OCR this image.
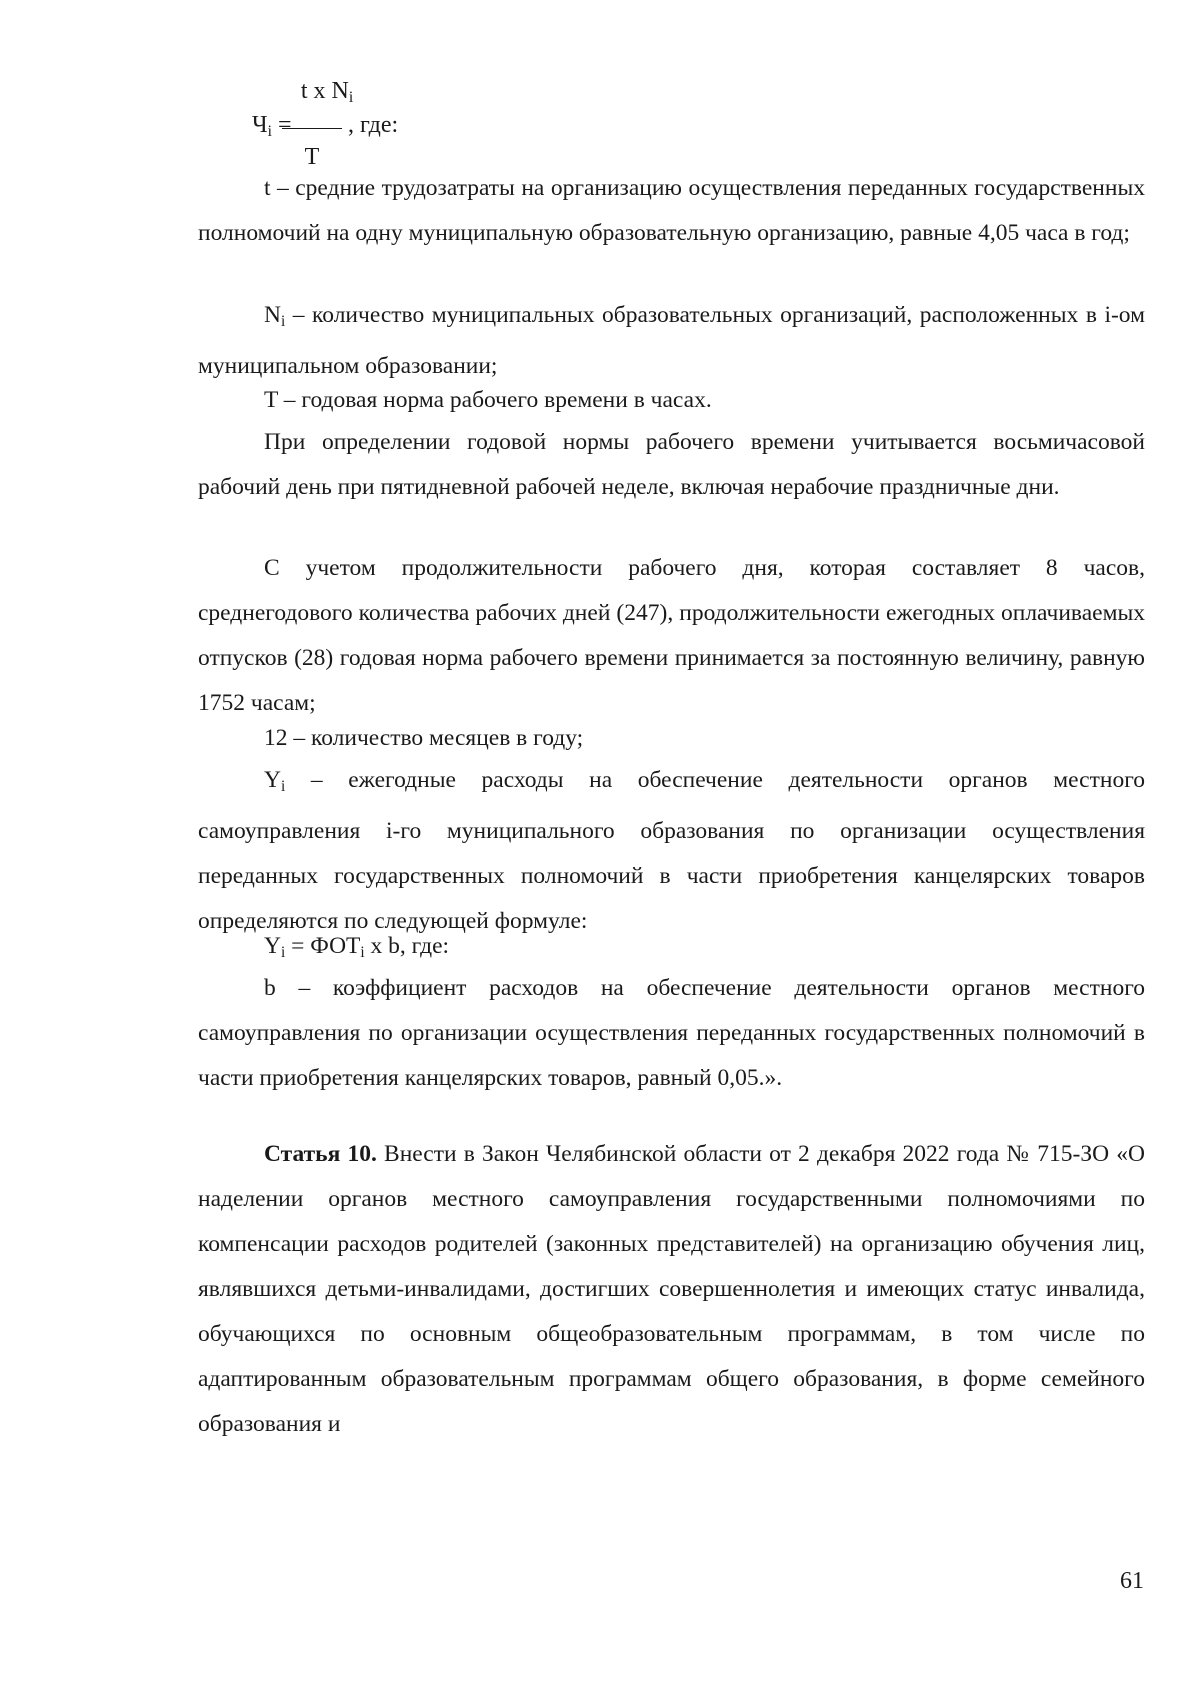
$Ч_i$ =
t x $N_i$
, где:
T

t – средние трудозатраты на организацию осуществления переданных государственных полномочий на одну муниципальную образовательную организацию, равные 4,05 часа в год;

$N_i$ – количество муниципальных образовательных организаций, расположенных в i-ом муниципальном образовании;

T – годовая норма рабочего времени в часах.

При определении годовой нормы рабочего времени учитывается восьмичасовой рабочий день при пятидневной рабочей неделе, включая нерабочие праздничные дни.

С учетом продолжительности рабочего дня, которая составляет 8 часов, среднегодового количества рабочих дней (247), продолжительности ежегодных оплачиваемых отпусков (28) годовая норма рабочего времени принимается за постоянную величину, равную 1752 часам;

12 – количество месяцев в году;

$Y_i$ – ежегодные расходы на обеспечение деятельности органов местного самоуправления i-го муниципального образования по организации осуществления переданных государственных полномочий в части приобретения канцелярских товаров определяются по следующей формуле:

$Y_i = ФОТ_i$ x b, где:

b – коэффициент расходов на обеспечение деятельности органов местного самоуправления по организации осуществления переданных государственных полномочий в части приобретения канцелярских товаров, равный 0,05.».

Статья 10. Внести в Закон Челябинской области от 2 декабря 2022 года № 715-ЗО «О наделении органов местного самоуправления государственными полномочиями по компенсации расходов родителей (законных представителей) на организацию обучения лиц, являвшихся детьми-инвалидами, достигших совершеннолетия и имеющих статус инвалида, обучающихся по основным общеобразовательным программам, в том числе по адаптированным образовательным программам общего образования, в форме семейного образования и

61
